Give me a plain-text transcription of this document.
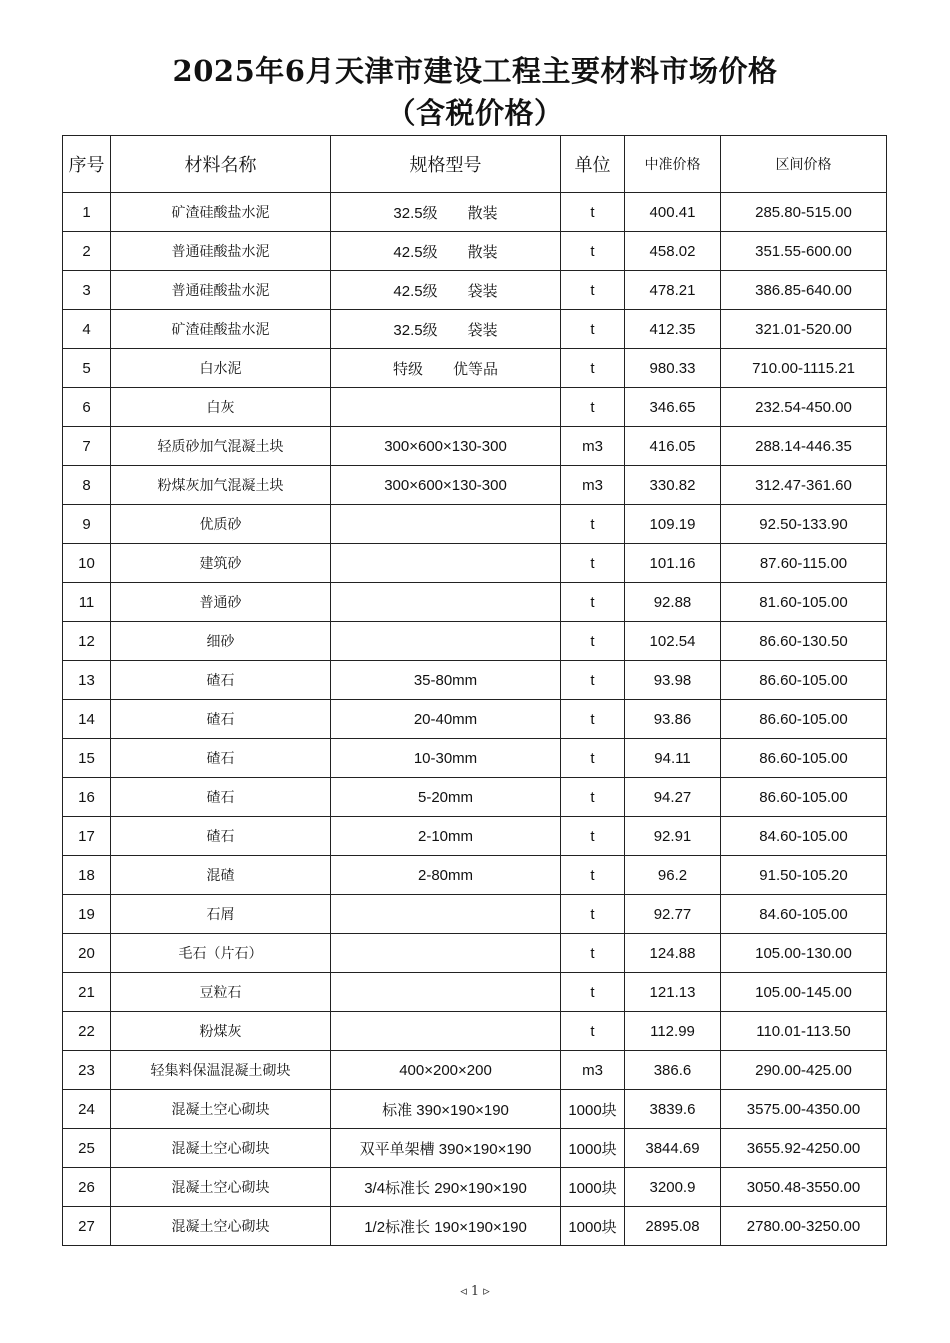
2025年6月天津市建设工程主要材料市场价格
（含税价格）
序号	材料名称	规格型号	单位	中准价格	区间价格
1	矿渣硅酸盐水泥	32.5级　　散装	t	400.41	285.80-515.00
2	普通硅酸盐水泥	42.5级　　散装	t	458.02	351.55-600.00
3	普通硅酸盐水泥	42.5级　　袋装	t	478.21	386.85-640.00
4	矿渣硅酸盐水泥	32.5级　　袋装	t	412.35	321.01-520.00
5	白水泥	特级　　优等品	t	980.33	710.00-1115.21
6	白灰		t	346.65	232.54-450.00
7	轻质砂加气混凝土块	300×600×130-300	m3	416.05	288.14-446.35
8	粉煤灰加气混凝土块	300×600×130-300	m3	330.82	312.47-361.60
9	优质砂		t	109.19	92.50-133.90
10	建筑砂		t	101.16	87.60-115.00
11	普通砂		t	92.88	81.60-105.00
12	细砂		t	102.54	86.60-130.50
13	碴石	35-80mm	t	93.98	86.60-105.00
14	碴石	20-40mm	t	93.86	86.60-105.00
15	碴石	10-30mm	t	94.11	86.60-105.00
16	碴石	5-20mm	t	94.27	86.60-105.00
17	碴石	2-10mm	t	92.91	84.60-105.00
18	混碴	2-80mm	t	96.2	91.50-105.20
19	石屑		t	92.77	84.60-105.00
20	毛石（片石）		t	124.88	105.00-130.00
21	豆粒石		t	121.13	105.00-145.00
22	粉煤灰		t	112.99	110.01-113.50
23	轻集料保温混凝土砌块	400×200×200	m3	386.6	290.00-425.00
24	混凝土空心砌块	标准 390×190×190	1000块	3839.6	3575.00-4350.00
25	混凝土空心砌块	双平单架槽 390×190×190	1000块	3844.69	3655.92-4250.00
26	混凝土空心砌块	3/4标准长 290×190×190	1000块	3200.9	3050.48-3550.00
27	混凝土空心砌块	1/2标准长 190×190×190	1000块	2895.08	2780.00-3250.00
◃ 1 ▹
